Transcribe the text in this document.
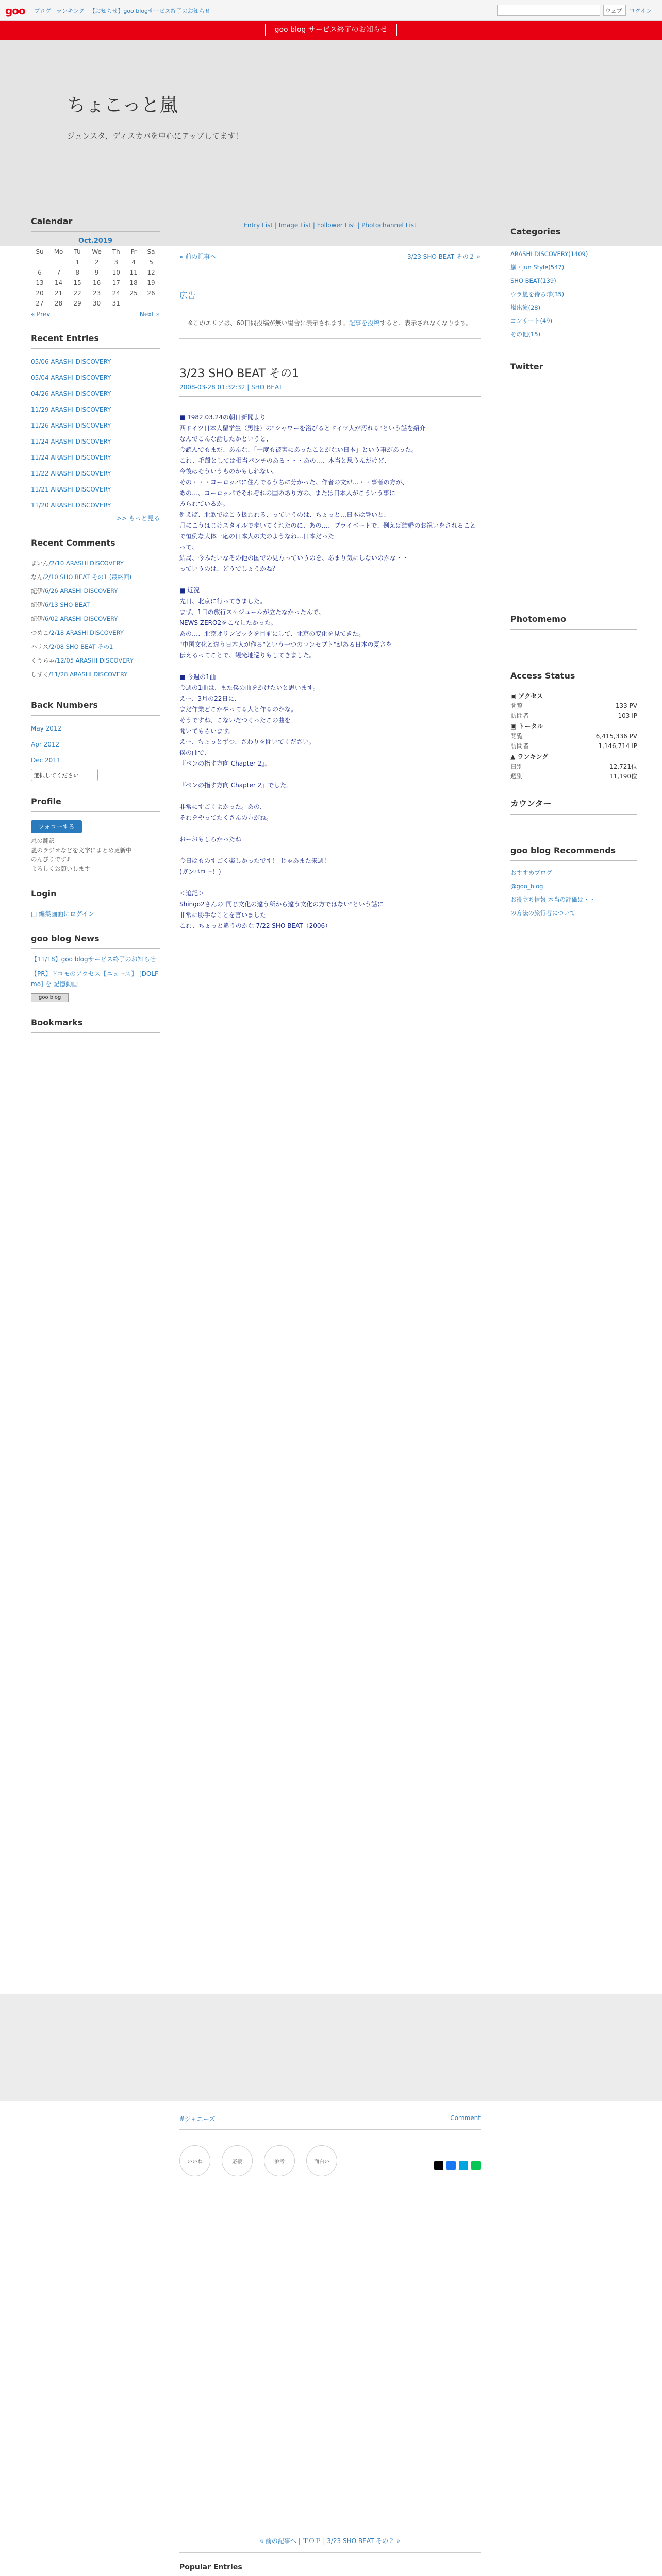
goo ブログ ランキング 【お知らせ】goo blogサービス終了のお知らせ	ウェブ	ログイン
goo blog サービス終了のお知らせ
ちょこっと嵐
ジュンスタ、ディスカバを中心にアップしてます！
Calendar
Oct.2019
Su	Mo	Tu	We	Th	Fr	Sa
		1	2	3	4	5
6	7	8	9	10	11	12
13	14	15	16	17	18	19
20	21	22	23	24	25	26
27	28	29	30	31		
« Prev	Next »
Recent Entries
05/06 ARASHI DISCOVERY
05/04 ARASHI DISCOVERY
04/26 ARASHI DISCOVERY
11/29 ARASHI DISCOVERY
11/26 ARASHI DISCOVERY
11/24 ARASHI DISCOVERY
11/24 ARASHI DISCOVERY
11/22 ARASHI DISCOVERY
11/21 ARASHI DISCOVERY
11/20 ARASHI DISCOVERY
>> もっと見る
Recent Comments
まいん/2/10 ARASHI DISCOVERY
なん/2/10 SHO BEAT その1 (最終回)
紀伊/6/26 ARASHI DISCOVERY
紀伊/6/13 SHO BEAT
紀伊/6/02 ARASHI DISCOVERY
つめこ/2/18 ARASHI DISCOVERY
ハリス/2/08 SHO BEAT その1
くうちゃ/12/05 ARASHI DISCOVERY
しずく/11/28 ARASHI DISCOVERY
Back Numbers
May 2012
Apr 2012
Dec 2011
選択してください
Profile
フォローする
嵐の翻訳
嵐のラジオなどを文字にまとめ更新中
のんびりです♪
よろしくお願いします
Login
□ 編集画面にログイン
goo blog News
【11/18】goo blogサービス終了のお知らせ
【PR】ドコモのアクセス【ニュース】 [DOLF mo] を 記憶動画
goo blog
Bookmarks
Entry List | Image List | Follower List | Photochannel List
« 前の記事へ	3/23 SHO BEAT その２ »
広告
※このエリアは、60日間投稿が無い場合に表示されます。記事を投稿すると、表示されなくなります。
3/23 SHO BEAT その1
2008-03-28 01:32:32 | SHO BEAT

■ 1982.03.24の朝日新聞より
西ドイツ日本人留学生（男性）の"シャワーを浴びるとドイツ人が汚れる"という話を紹介
なんでこんな話したかというと、
今読んでもまだ、あんな、「一度も被害にあったことがない日本」という事があった。
これ、毛殻としては相当パンチのある・・・あの…、本当と思うんだけど、
今後はそういうものかもしれない。
その・・・ヨーロッパに住んでるうちに分かった、作者の文が…・・事者の方が、
あの…、ヨーロッパでそれぞれの国のあり方の、または日本人がこういう事に
みられているか。
例えば、北欧ではこう扱われる、っていうのは、ちょっと…日本は暑いと、
月にこうはじけスタイルで歩いてくれたのに、あの…、プライベートで、例えば結婚のお祝いをされることで恒例な大体一応の日本人の夫のようなね…日本だった
って、
結局、今みたいなその他の国での見方っていうのを、あまり気にしないのかな・・
っていうのは、どうでしょうかね？

■ 近況
先日、北京に行ってきました。
まず、1日の旅行スケジュールが立たなかったんで、
NEWS ZERO2をこなしたかった。
あの…、北京オリンピックを目前にして、北京の変化を見てきた。
"中国文化と違う日本人が作る"という一つのコンセプト"がある日本の夏さを
伝えるってことで、観光地巡りもしてきました。

■ 今週の1曲
今週の1曲は、また僕の曲をかけたいと思います。
えー、3月の22日に、
まだ作業どこかやってる人と作るのかな。
そうですね、こないだつくったこの曲を
聞いてもらいます。
えー、ちょっとずつ、さわりを聞いてください。
僕の曲で、
『ペンの指す方向 Chapter 2』。

『ペンの指す方向 Chapter 2』でした。

非常にすごくよかった。あの、
それをやってたくさんの方がね。

おーおもしろかったね

今日はものすごく楽しかったです！ じゃあまた来週！
(ガンバロー！)

＜追記＞
Shingo2さんの"同じ文化の違う所から違う文化の方ではない"という話に
非常に勝手なことを言いました
これ、ちょっと違うのかな 7/22 SHO BEAT（2006）

Categories
ARASHI DISCOVERY(1409)
嵐・jun Style(547)
SHO BEAT(139)
ウラ嵐を待ち隊(35)
嵐出演(28)
コンサート(49)
その他(15)
Twitter
Photomemo
Access Status
▣ アクセス
閲覧	133 PV
訪問者	103 IP
▣ トータル
閲覧	6,415,336 PV
訪問者	1,146,714 IP
▲ ランキング
日別	12,721位
週別	11,190位
カウンター
goo blog Recommends
おすすめブログ
@goo_blog
お役立ち情報 本当の評価は・・
の方法の旅行者について
#ジャニーズ	Comment
いいね	応援	参考	面白い
« 前の記事へ | ＴＯＰ | 3/23 SHO BEAT その２ »
Popular Entries
